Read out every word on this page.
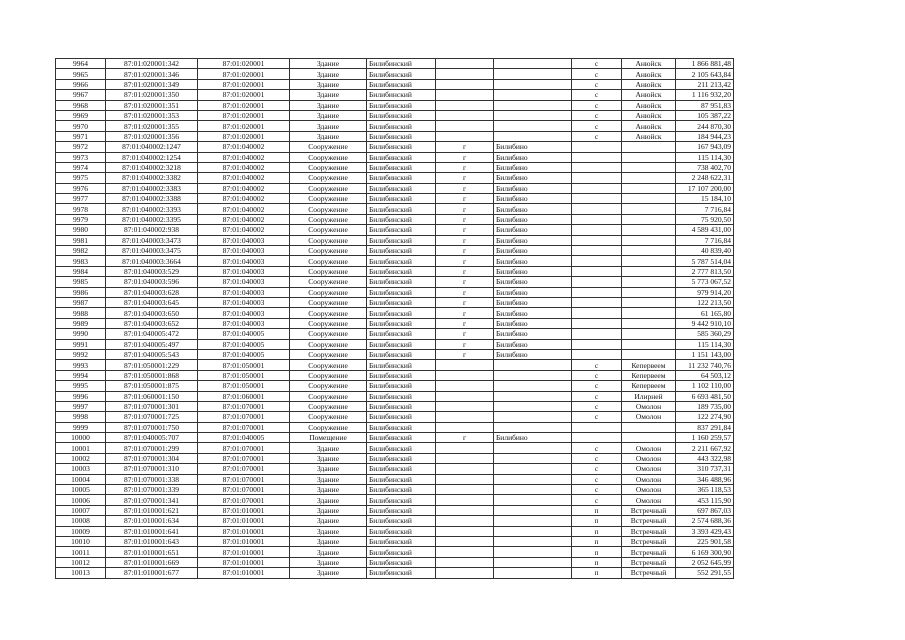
9964	87:01:020001:342	87:01:020001	Здание	Билибинский			с	Анюйск	1 866 881,48
9965	87:01:020001:346	87:01:020001	Здание	Билибинский			с	Анюйск	2 105 643,84
9966	87:01:020001:349	87:01:020001	Здание	Билибинский			с	Анюйск	211 213,42
9967	87:01:020001:350	87:01:020001	Здание	Билибинский			с	Анюйск	1 116 932,20
9968	87:01:020001:351	87:01:020001	Здание	Билибинский			с	Анюйск	87 951,83
9969	87:01:020001:353	87:01:020001	Здание	Билибинский			с	Анюйск	105 387,22
9970	87:01:020001:355	87:01:020001	Здание	Билибинский			с	Анюйск	244 870,30
9971	87:01:020001:356	87:01:020001	Здание	Билибинский			с	Анюйск	184 944,23
9972	87:01:040002:1247	87:01:040002	Сооружение	Билибинский	г	Билибино			167 943,09
9973	87:01:040002:1254	87:01:040002	Сооружение	Билибинский	г	Билибино			115 114,30
9974	87:01:040002:3218	87:01:040002	Сооружение	Билибинский	г	Билибино			738 402,70
9975	87:01:040002:3382	87:01:040002	Сооружение	Билибинский	г	Билибино			2 248 622,31
9976	87:01:040002:3383	87:01:040002	Сооружение	Билибинский	г	Билибино			17 107 200,00
9977	87:01:040002:3388	87:01:040002	Сооружение	Билибинский	г	Билибино			15 184,10
9978	87:01:040002:3393	87:01:040002	Сооружение	Билибинский	г	Билибино			7 716,84
9979	87:01:040002:3395	87:01:040002	Сооружение	Билибинский	г	Билибино			75 920,50
9980	87:01:040002:938	87:01:040002	Сооружение	Билибинский	г	Билибино			4 589 431,00
9981	87:01:040003:3473	87:01:040003	Сооружение	Билибинский	г	Билибино			7 716,84
9982	87:01:040003:3475	87:01:040003	Сооружение	Билибинский	г	Билибино			40 839,40
9983	87:01:040003:3664	87:01:040003	Сооружение	Билибинский	г	Билибино			5 787 514,04
9984	87:01:040003:529	87:01:040003	Сооружение	Билибинский	г	Билибино			2 777 813,50
9985	87:01:040003:596	87:01:040003	Сооружение	Билибинский	г	Билибино			5 773 067,52
9986	87:01:040003:628	87:01:040003	Сооружение	Билибинский	г	Билибино			979 914,20
9987	87:01:040003:645	87:01:040003	Сооружение	Билибинский	г	Билибино			122 213,50
9988	87:01:040003:650	87:01:040003	Сооружение	Билибинский	г	Билибино			61 165,80
9989	87:01:040003:652	87:01:040003	Сооружение	Билибинский	г	Билибино			9 442 910,10
9990	87:01:040005:472	87:01:040005	Сооружение	Билибинский	г	Билибино			585 360,29
9991	87:01:040005:497	87:01:040005	Сооружение	Билибинский	г	Билибино			115 114,30
9992	87:01:040005:543	87:01:040005	Сооружение	Билибинский	г	Билибино			1 151 143,00
9993	87:01:050001:229	87:01:050001	Сооружение	Билибинский			с	Кепервеем	11 232 740,76
9994	87:01:050001:868	87:01:050001	Сооружение	Билибинский			с	Кепервеем	64 503,12
9995	87:01:050001:875	87:01:050001	Сооружение	Билибинский			с	Кепервеем	1 102 110,00
9996	87:01:060001:150	87:01:060001	Сооружение	Билибинский			с	Илирней	6 693 481,50
9997	87:01:070001:301	87:01:070001	Сооружение	Билибинский			с	Омолон	189 735,00
9998	87:01:070001:725	87:01:070001	Сооружение	Билибинский			с	Омолон	122 274,90
9999	87:01:070001:750	87:01:070001	Сооружение	Билибинский					837 291,84
10000	87:01:040005:707	87:01:040005	Помещение	Билибинский	г	Билибино			1 160 259,57
10001	87:01:070001:299	87:01:070001	Здание	Билибинский			с	Омолон	2 211 667,92
10002	87:01:070001:304	87:01:070001	Здание	Билибинский			с	Омолон	443 322,98
10003	87:01:070001:310	87:01:070001	Здание	Билибинский			с	Омолон	310 737,31
10004	87:01:070001:338	87:01:070001	Здание	Билибинский			с	Омолон	346 488,96
10005	87:01:070001:339	87:01:070001	Здание	Билибинский			с	Омолон	365 118,53
10006	87:01:070001:341	87:01:070001	Здание	Билибинский			с	Омолон	453 115,90
10007	87:01:010001:621	87:01:010001	Здание	Билибинский			п	Встречный	697 867,03
10008	87:01:010001:634	87:01:010001	Здание	Билибинский			п	Встречный	2 574 688,36
10009	87:01:010001:641	87:01:010001	Здание	Билибинский			п	Встречный	3 393 429,43
10010	87:01:010001:643	87:01:010001	Здание	Билибинский			п	Встречный	225 901,58
10011	87:01:010001:651	87:01:010001	Здание	Билибинский			п	Встречный	6 169 300,90
10012	87:01:010001:669	87:01:010001	Здание	Билибинский			п	Встречный	2 052 645,99
10013	87:01:010001:677	87:01:010001	Здание	Билибинский			п	Встречный	552 291,55
